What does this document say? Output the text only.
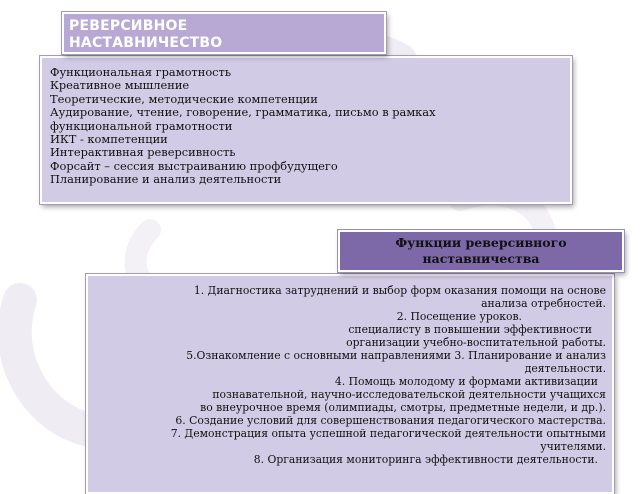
РЕВЕРСИВНОЕ
НАСТАВНИЧЕСТВО
Функциональная грамотность
Креативное мышление
Теоретические, методические компетенции
Аудирование, чтение, говорение, грамматика, письмо в рамках
функциональной грамотности
ИКТ - компетенции
Интерактивная реверсивность
Форсайт – сессия выстраиванию профбудущего
Планирование и анализ деятельности
Функции реверсивного
наставничества
1. Диагностика затруднений и выбор форм оказания помощи на основе
анализа отребностей.
2. Посещение уроков.
специалисту в повышении эффективности
организации учебно-воспитательной работы.
5.Ознакомление с основными направлениями 3. Планирование и анализ
деятельности.
4. Помощь молодому и формами активизации
познавательной, научно-исследовательской деятельности учащихся
во внеурочное время (олимпиады, смотры, предметные недели, и др.).
6. Создание условий для совершенствования педагогического мастерства.
7. Демонстрация опыта успешной педагогической деятельности опытными
учителями.
8. Организация мониторинга эффективности деятельности.
